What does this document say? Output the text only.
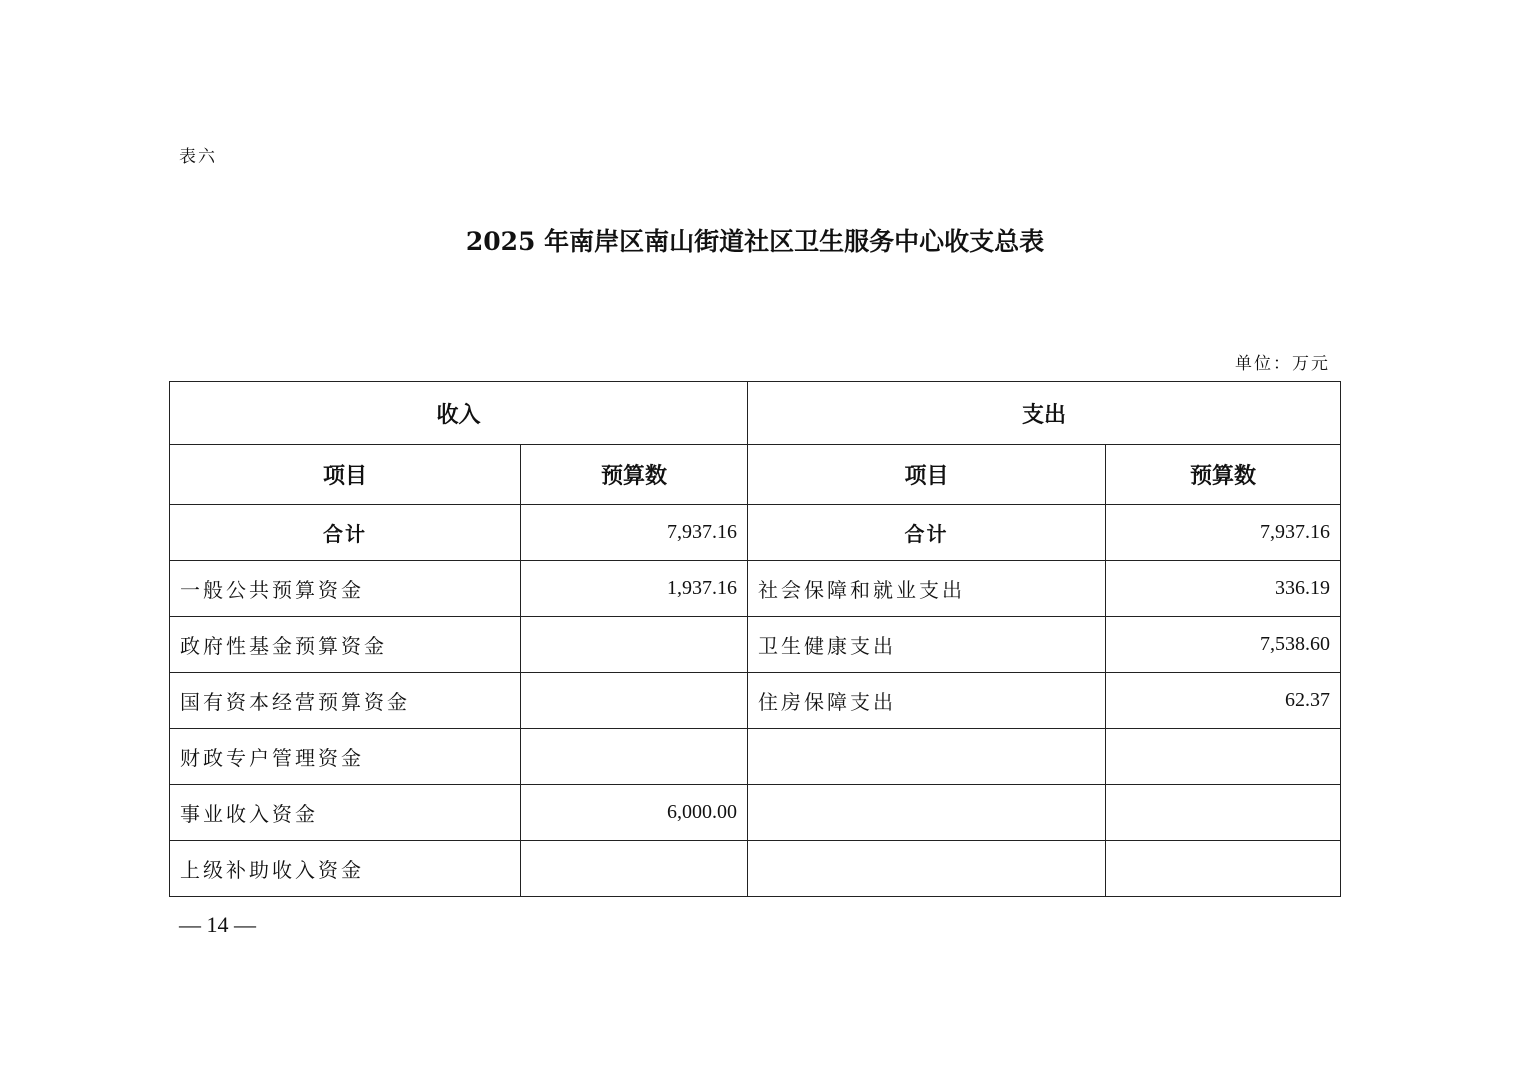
表六
2025 年南岸区南山街道社区卫生服务中心收支总表
单位：万元
收入		支出	
项目	预算数	项目	预算数
合计	7,937.16	合计	7,937.16
一般公共预算资金	1,937.16	社会保障和就业支出	336.19
政府性基金预算资金		卫生健康支出	7,538.60
国有资本经营预算资金		住房保障支出	62.37
财政专户管理资金			
事业收入资金	6,000.00		
上级补助收入资金			
— 14 —
